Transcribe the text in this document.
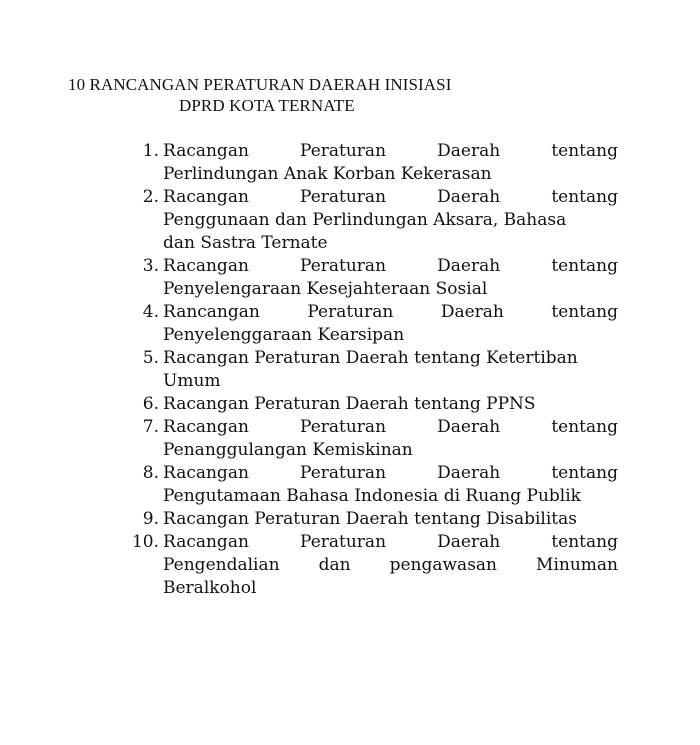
10 RANCANGAN PERATURAN DAERAH INISIASI
DPRD KOTA TERNATE
1. Racangan	Peraturan	Daerah	tentang
Perlindungan Anak Korban Kekerasan
2. Racangan	Peraturan	Daerah	tentang
Penggunaan dan Perlindungan Aksara, Bahasa
dan Sastra Ternate
3. Racangan	Peraturan	Daerah	tentang
Penyelengaraan Kesejahteraan Sosial
4. Rancangan	Peraturan	Daerah	tentang
Penyelenggaraan Kearsipan
5. Racangan Peraturan Daerah tentang Ketertiban
Umum
6. Racangan Peraturan Daerah tentang PPNS
7. Racangan	Peraturan	Daerah	tentang
Penanggulangan Kemiskinan
8. Racangan	Peraturan	Daerah	tentang
Pengutamaan Bahasa Indonesia di Ruang Publik
9. Racangan Peraturan Daerah tentang Disabilitas
10. Racangan	Peraturan	Daerah	tentang
Pengendalian dan pengawasan Minuman
Beralkohol
